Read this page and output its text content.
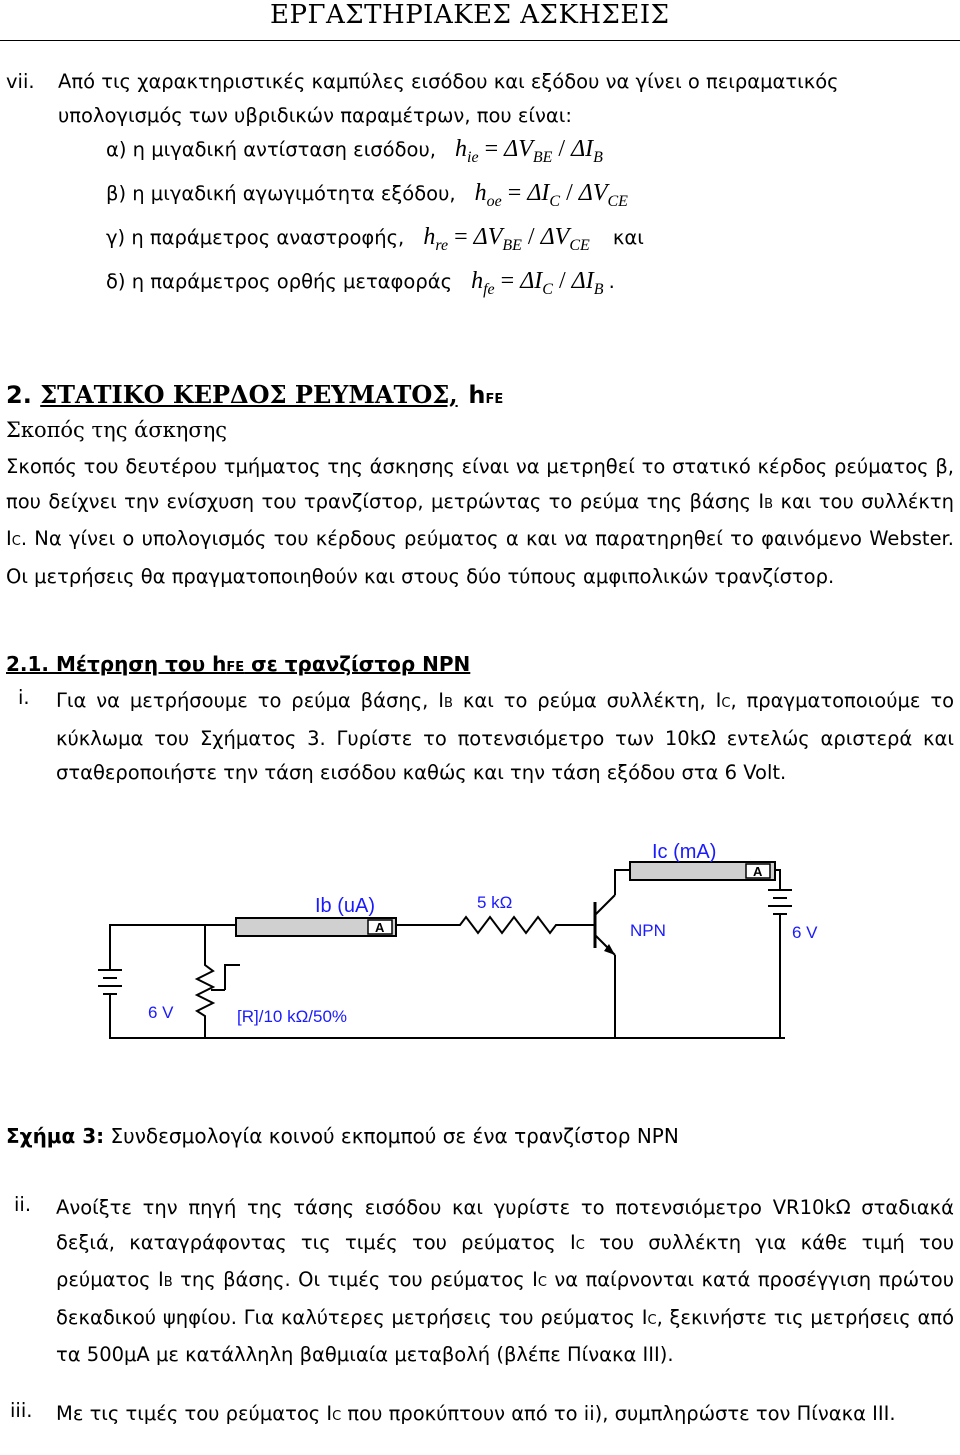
ΕΡΓΑΣΤΗΡΙΑΚΕΣ ΑΣΚΗΣΕΙΣ
vii. Από τις χαρακτηριστικές καμπύλες εισόδου και εξόδου να γίνει ο πειραματικός
υπολογισμός των υβριδικών παραμέτρων, που είναι:
α) η μιγαδική αντίσταση εισόδου, $h_{ie} = \Delta V_{BE} / \Delta I_B$
β) η μιγαδική αγωγιμότητα εξόδου, $h_{oe} = \Delta I_C / \Delta V_{CE}$
γ) η παράμετρος αναστροφής, $h_{re} = \Delta V_{BE} / \Delta V_{CE}$ και
δ) η παράμετρος ορθής μεταφοράς $h_{fe} = \Delta I_C / \Delta I_B$ .
2. ΣΤΑΤΙΚΟ ΚΕΡΔΟΣ ΡΕΥΜΑΤΟΣ,   hFE
Σκοπός της άσκησης
Σκοπός του δευτέρου τμήματος της άσκησης είναι να μετρηθεί το στατικό κέρδος ρεύματος β, που δείχνει την ενίσχυση του τρανζίστορ, μετρώντας το ρεύμα της βάσης IB και του συλλέκτη IC. Να γίνει ο υπολογισμός του κέρδους ρεύματος α και να παρατηρηθεί το φαινόμενο Webster. Οι μετρήσεις θα πραγματοποιηθούν και στους δύο τύπους αμφιπολικών τρανζίστορ.
2.1. Μέτρηση του hFE σε τρανζίστορ NPN
i. Για να μετρήσουμε το ρεύμα βάσης, IB και το ρεύμα συλλέκτη, IC, πραγματοποιούμε το κύκλωμα του Σχήματος 3. Γυρίστε το ποτενσιόμετρο των 10kΩ εντελώς αριστερά και σταθεροποιήστε την τάση εισόδου καθώς και την τάση εξόδου στα 6 Volt.
A
A
Ic (mA)
Ib (uA)	5 kΩ
NPN
6 V
6 V
[R]/10 kΩ/50%
Σχήμα 3: Συνδεσμολογία κοινού εκπομπού σε ένα τρανζίστορ NPN
ii. Ανοίξτε την πηγή της τάσης εισόδου και γυρίστε το ποτενσιόμετρο VR10kΩ σταδιακά δεξιά, καταγράφοντας τις τιμές του ρεύματος IC του συλλέκτη για κάθε τιμή του ρεύματος IB της βάσης. Οι τιμές του ρεύματος IC να παίρνονται κατά προσέγγιση πρώτου δεκαδικού ψηφίου. Για καλύτερες μετρήσεις του ρεύματος IC, ξεκινήστε τις μετρήσεις από τα 500μA με κατάλληλη βαθμιαία μεταβολή (βλέπε Πίνακα III).
iii. Με τις τιμές του ρεύματος IC που προκύπτουν από το ii), συμπληρώστε τον Πίνακα III.
